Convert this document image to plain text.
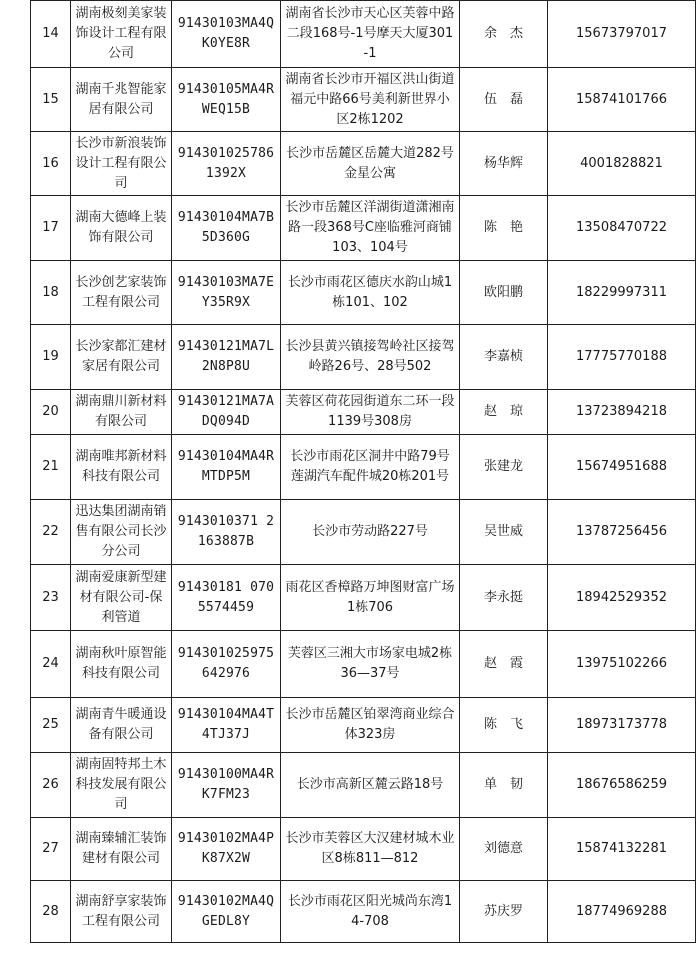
14	湖南极刻美家装饰设计工程有限公司	91430103MA4QK0YE8R	湖南省长沙市天心区芙蓉中路二段168号-1号摩天大厦301-1	余　杰	15673797017
15	湖南千兆智能家居有限公司	91430105MA4RWEQ15B	湖南省长沙市开福区洪山街道福元中路66号美利新世界小区2栋1202	伍　磊	15874101766
16	长沙市新浪装饰设计工程有限公司	914301025786 1392X	长沙市岳麓区岳麓大道282号金星公寓	杨华辉	4001828821
17	湖南大德峰上装饰有限公司	91430104MA7B5D360G	长沙市岳麓区洋湖街道潇湘南路一段368号C座临雅河商铺103、104号	陈　艳	13508470722
18	长沙创艺家装饰工程有限公司	91430103MA7EY35R9X	长沙市雨花区德庆水韵山城1栋101、102	欧阳鹏	18229997311
19	长沙家都汇建材家居有限公司	91430121MA7L2N8P8U	长沙县黄兴镇接驾岭社区接驾岭路26号、28号502	李嘉桢	17775770188
20	湖南鼎川新材料有限公司	91430121MA7ADQ094D	芙蓉区荷花园街道东二环一段1139号308房	赵　琼	13723894218
21	湖南唯邦新材料科技有限公司	91430104MA4RMTDP5M	长沙市雨花区洞井中路79号莲湖汽车配件城20栋201号	张建龙	15674951688
22	迅达集团湖南销售有限公司长沙分公司	9143010371 2163887B	长沙市劳动路227号	吴世威	13787256456
23	湖南爱康新型建材有限公司-保利管道	91430181 0705574459	雨花区香樟路万坤图财富广场1栋706	李永挺	18942529352
24	湖南秋叶原智能科技有限公司	914301025975 642976	芙蓉区三湘大市场家电城2栋36—37号	赵　霞	13975102266
25	湖南青牛暖通设备有限公司	91430104MA4T4TJ37J	长沙市岳麓区铂翠湾商业综合体323房	陈　飞	18973173778
26	湖南固特邦土木科技发展有限公司	91430100MA4RK7FM23	长沙市高新区麓云路18号	单　韧	18676586259
27	湖南臻辅汇装饰建材有限公司	91430102MA4PK87X2W	长沙市芙蓉区大汉建材城木业区8栋811—812	刘德意	15874132281
28	湖南舒享家装饰工程有限公司	91430102MA4QGEDL8Y	长沙市雨花区阳光城尚东湾14-708	苏庆罗	18774969288
